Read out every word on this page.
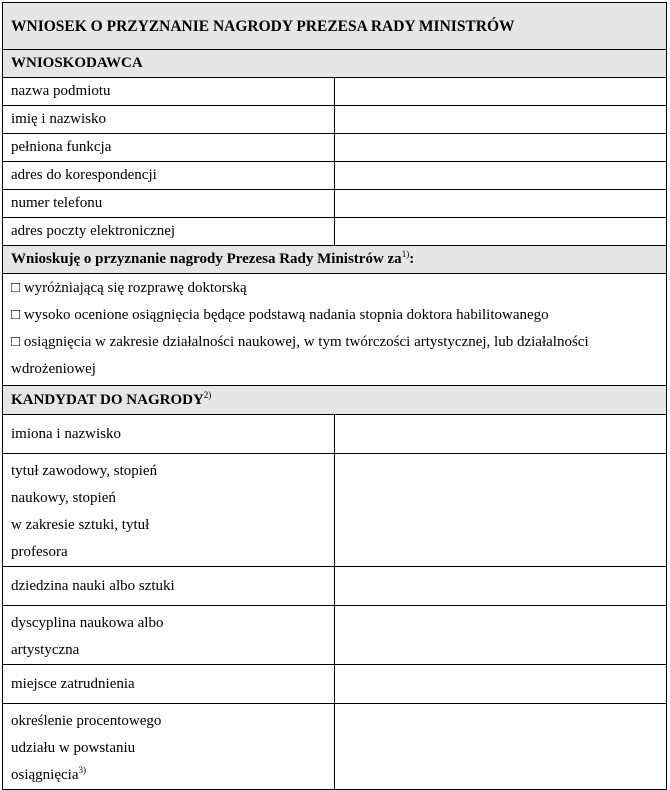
WNIOSEK O PRZYZNANIE NAGRODY PREZESA RADY MINISTRÓW	
WNIOSKODAWCA	
nazwa podmiotu	
imię i nazwisko	
pełniona funkcja	
adres do korespondencji	
numer telefonu	
adres poczty elektronicznej	
Wnioskuję o przyznanie nagrody Prezesa Rady Ministrów $za^{1)}$:	

□ wyróżniającą się rozprawę doktorską
□ wysoko ocenione osiągnięcia będące podstawą nadania stopnia doktora habilitowanego
□ osiągnięcia w zakresie działalności naukowej, w tym twórczości artystycznej, lub działalności wdrożeniowej	

KANDYDAT DO NAGRODY$^{2)}$
imiona i nazwisko	

tytuł zawodowy, stopień
naukowy, stopień
w zakresie sztuki, tytuł
profesora	

dziedzina nauki albo sztuki	

dyscyplina naukowa albo
artystyczna	

miejsce zatrudnienia	

określenie procentowego
udziału w powstaniu
osiągnięcia$^{3)}$
